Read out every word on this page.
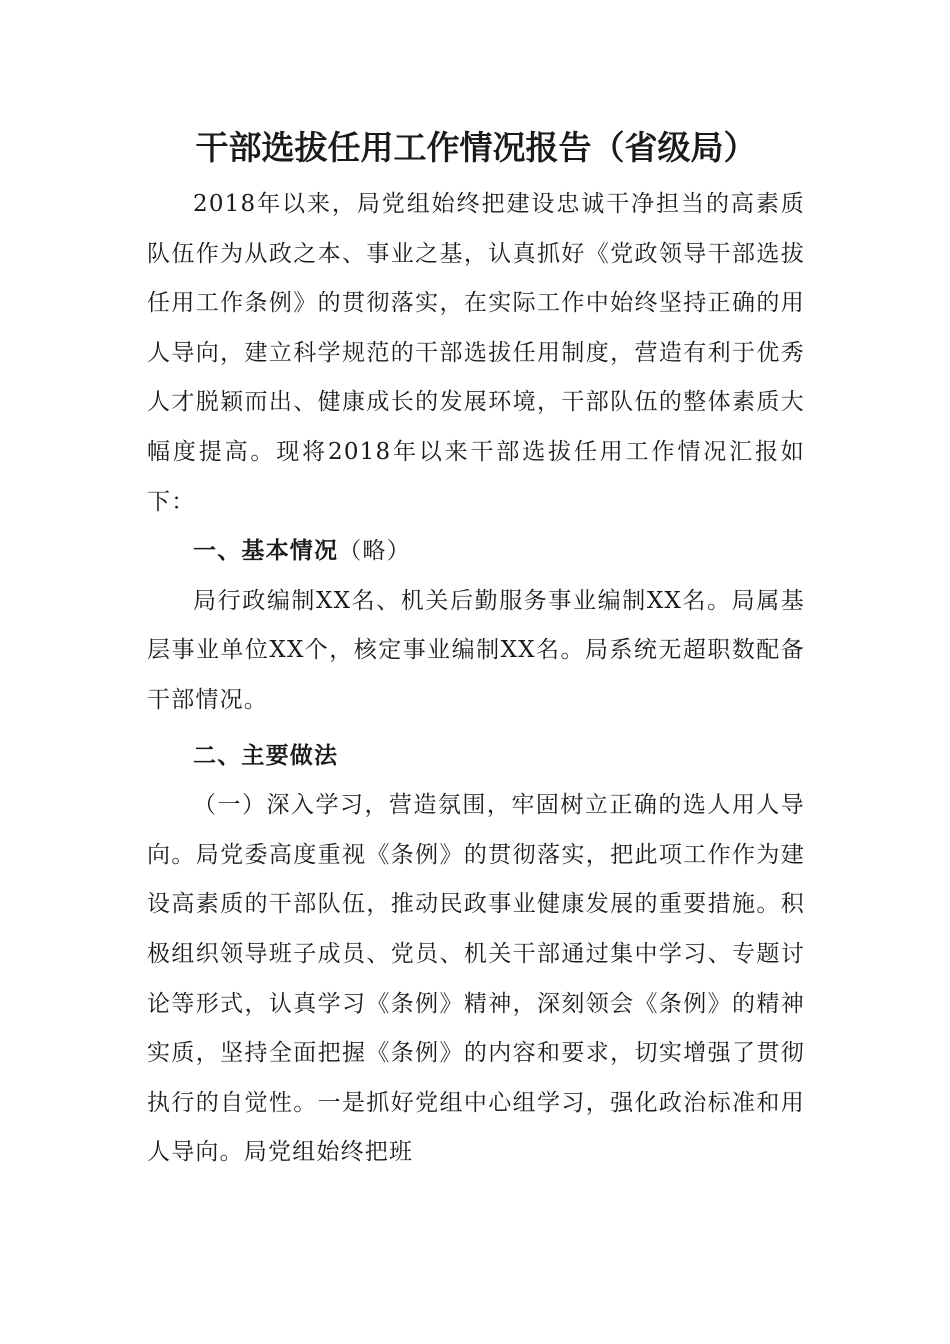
干部选拔任用工作情况报告（省级局）

2018年以来，局党组始终把建设忠诚干净担当的高素质队伍作为从政之本、事业之基，认真抓好《党政领导干部选拔任用工作条例》的贯彻落实，在实际工作中始终坚持正确的用人导向，建立科学规范的干部选拔任用制度，营造有利于优秀人才脱颖而出、健康成长的发展环境，干部队伍的整体素质大幅度提高。现将2018年以来干部选拔任用工作情况汇报如下：

一、基本情况（略）

局行政编制XX名、机关后勤服务事业编制XX名。局属基层事业单位XX个，核定事业编制XX名。局系统无超职数配备干部情况。

二、主要做法

（一）深入学习，营造氛围，牢固树立正确的选人用人导向。局党委高度重视《条例》的贯彻落实，把此项工作作为建设高素质的干部队伍，推动民政事业健康发展的重要措施。积极组织领导班子成员、党员、机关干部通过集中学习、专题讨论等形式，认真学习《条例》精神，深刻领会《条例》的精神实质，坚持全面把握《条例》的内容和要求，切实增强了贯彻执行的自觉性。一是抓好党组中心组学习，强化政治标准和用人导向。局党组始终把班
